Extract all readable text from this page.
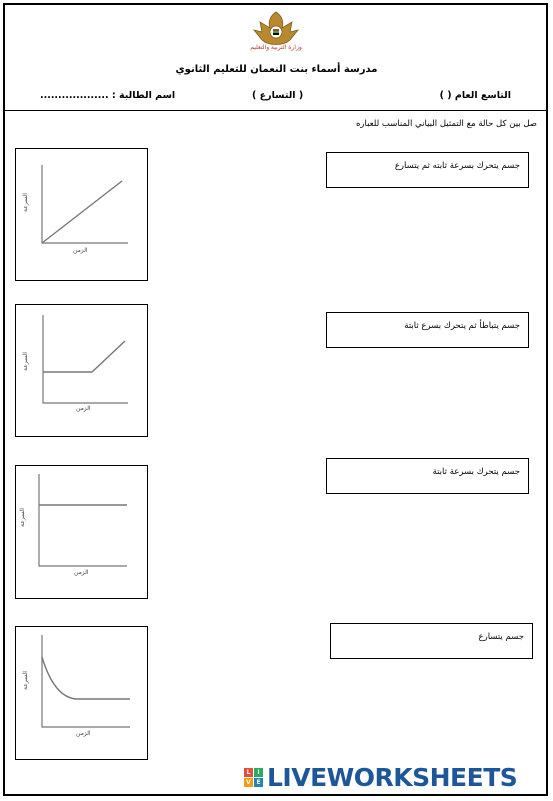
وزارة التربية والتعليم
مدرسة أسماء بنت النعمان للتعليم الثانوي
التاسع العام ( )
( التسارع )
اسم الطالبة : ...................
صل بين كل حالة مع التمثيل البياني المناسب للعباره
السرعة
الزمن
السرعة
الزمن
السرعة
الزمن
السرعة
الزمن
جسم يتحرك بسرعة ثابته ثم يتسارع
جسم يتباطأ ثم يتحرك بسرع ثابتة
جسم يتحرك بسرعة ثابتة
جسم يتسارع
L	I
V E LIVEWORKSHEETS
